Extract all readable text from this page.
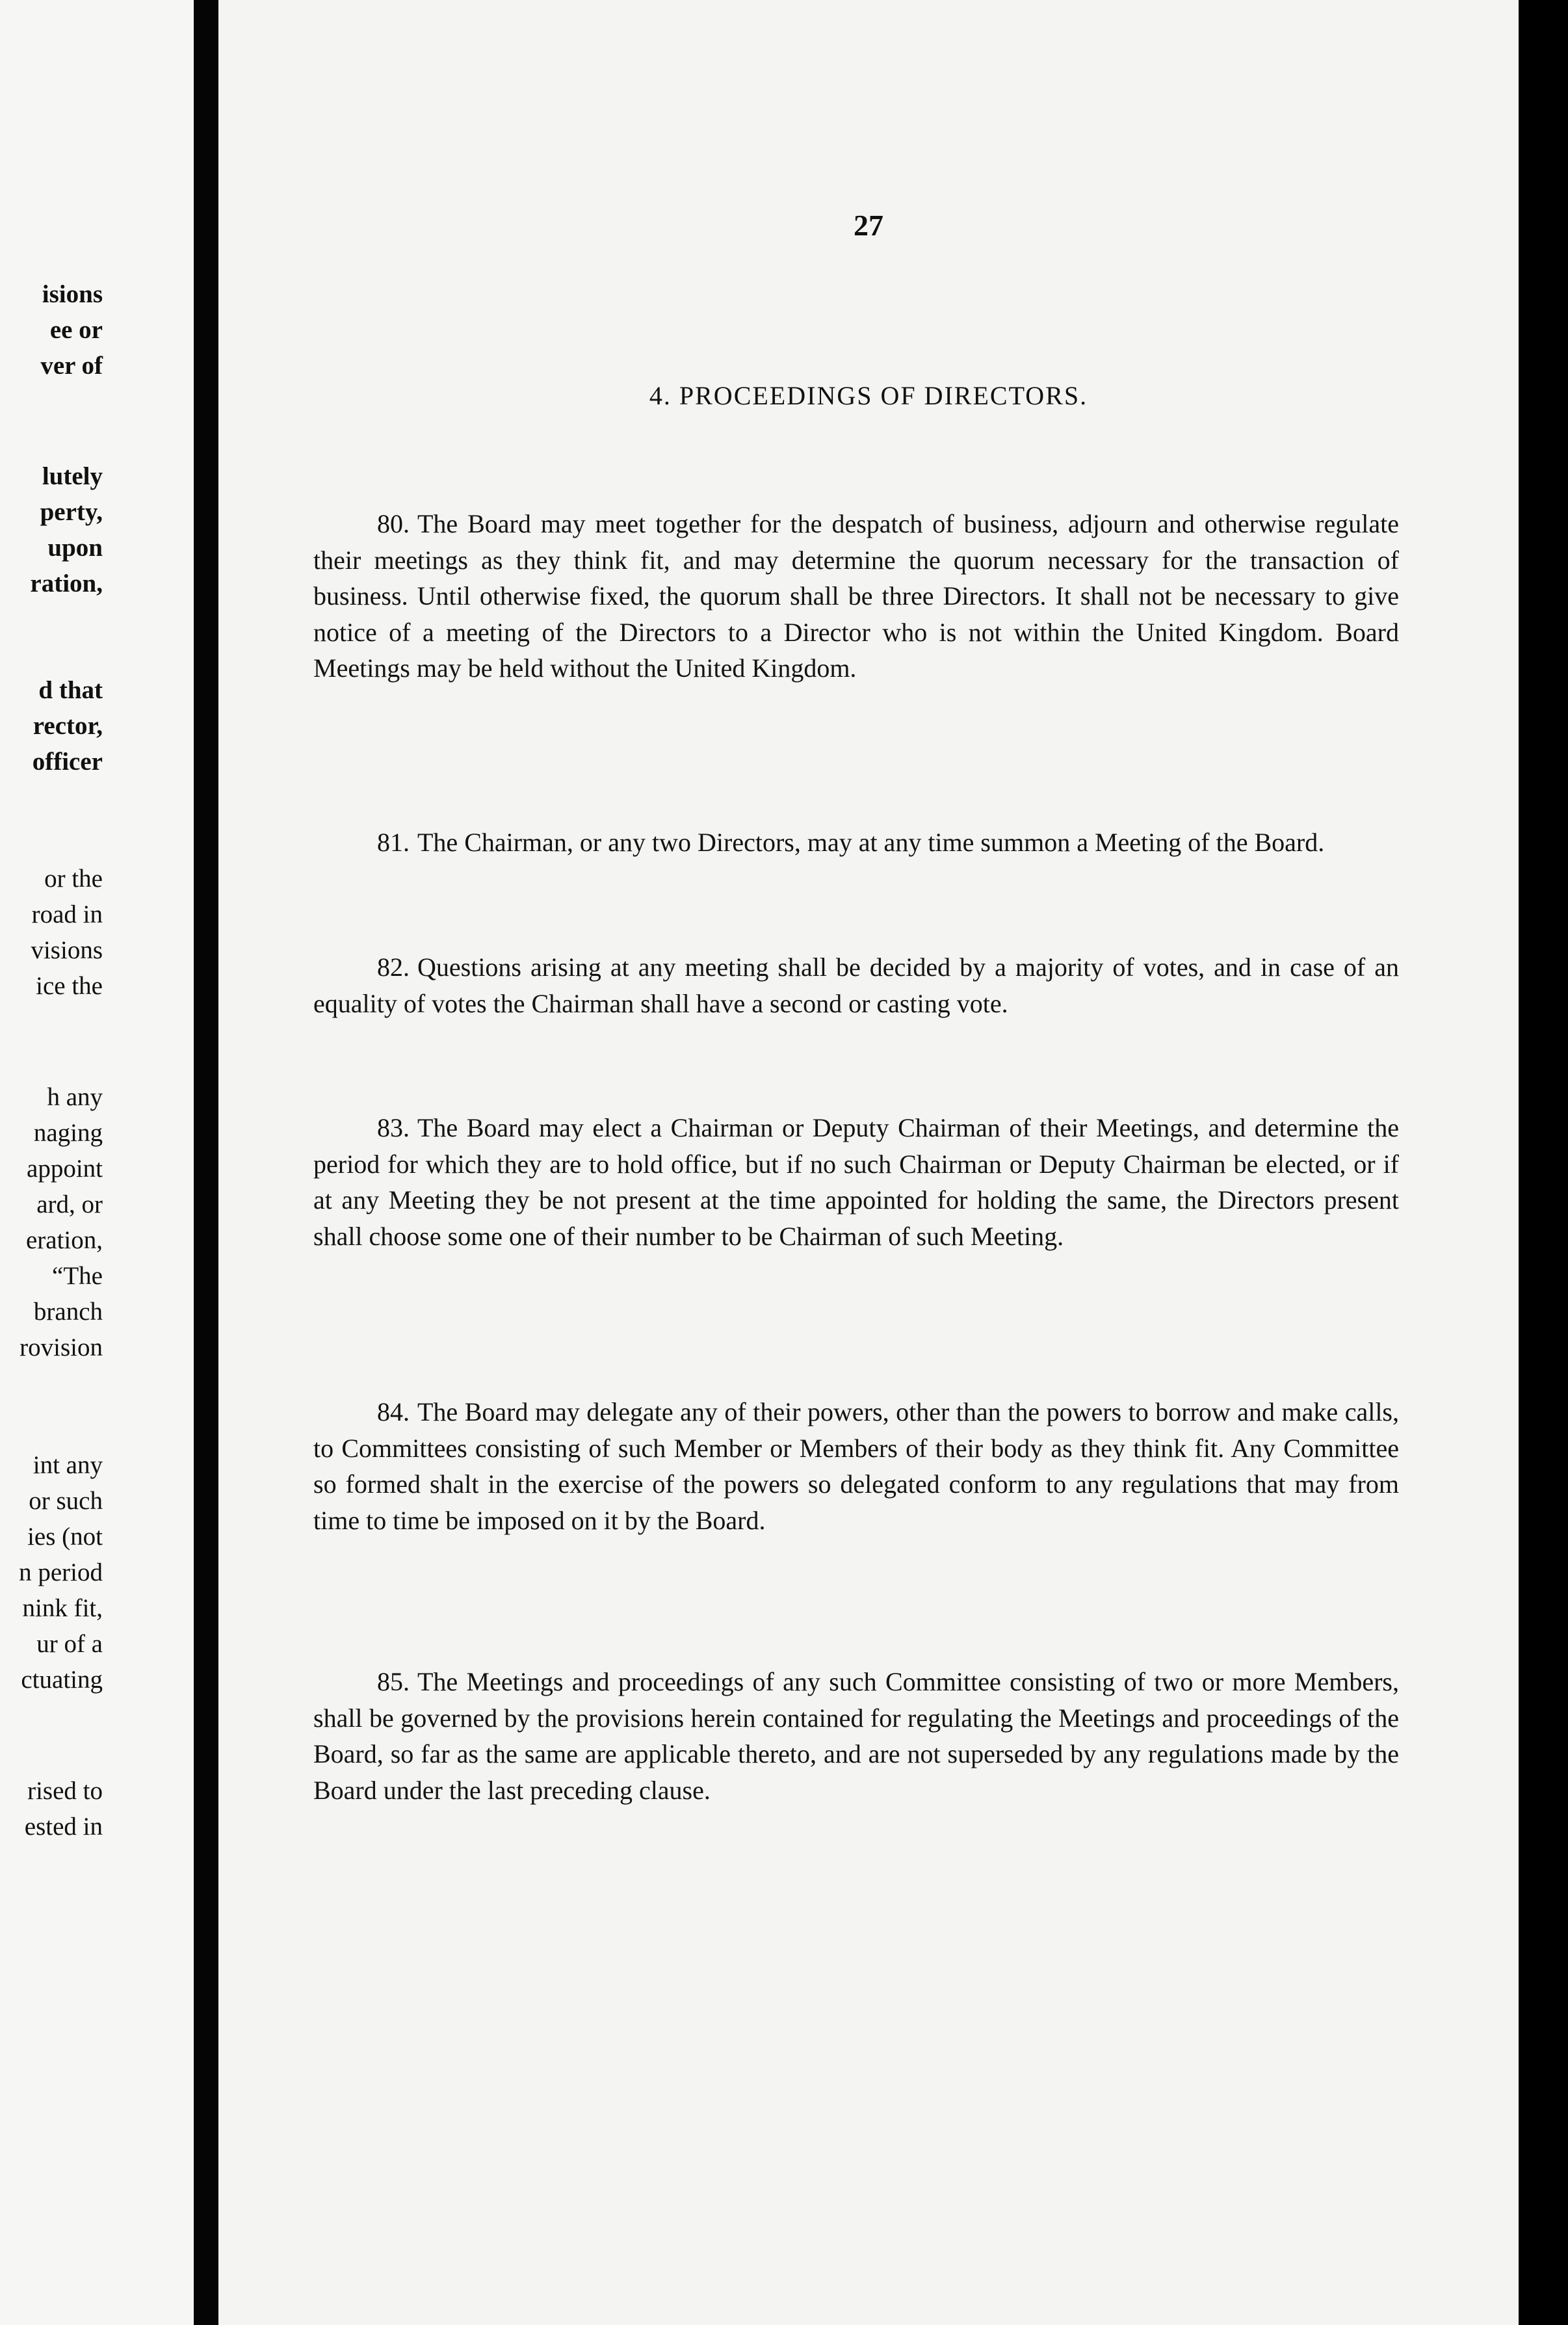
isions
ee or
ver of
lutely
perty,
upon
ration,
d that
rector,
officer
or the
road in
visions
ice the
h any
naging
appoint
ard, or
eration,
“The
branch
rovision
int any
or such
ies (not
n period
nink fit,
ur of a
ctuating
rised to
ested in
27
4. PROCEEDINGS OF DIRECTORS.

80. The Board may meet together for the despatch of business, adjourn and otherwise regulate their meetings as they think fit, and may determine the quorum necessary for the transaction of business. Until otherwise fixed, the quorum shall be three Directors. It shall not be necessary to give notice of a meeting of the Directors to a Director who is not within the United Kingdom. Board Meetings may be held without the United Kingdom.

81. The Chairman, or any two Directors, may at any time summon a Meeting of the Board.

82. Questions arising at any meeting shall be decided by a majority of votes, and in case of an equality of votes the Chairman shall have a second or casting vote.

83. The Board may elect a Chairman or Deputy Chairman of their Meetings, and determine the period for which they are to hold office, but if no such Chairman or Deputy Chairman be elected, or if at any Meeting they be not present at the time appointed for holding the same, the Directors present shall choose some one of their number to be Chairman of such Meeting.

84. The Board may delegate any of their powers, other than the powers to borrow and make calls, to Committees consisting of such Member or Members of their body as they think fit. Any Committee so formed shalt in the exercise of the powers so delegated conform to any regulations that may from time to time be imposed on it by the Board.

85. The Meetings and proceedings of any such Committee consisting of two or more Members, shall be governed by the provisions herein contained for regulating the Meetings and proceedings of the Board, so far as the same are applicable thereto, and are not superseded by any regulations made by the Board under the last preceding clause.
